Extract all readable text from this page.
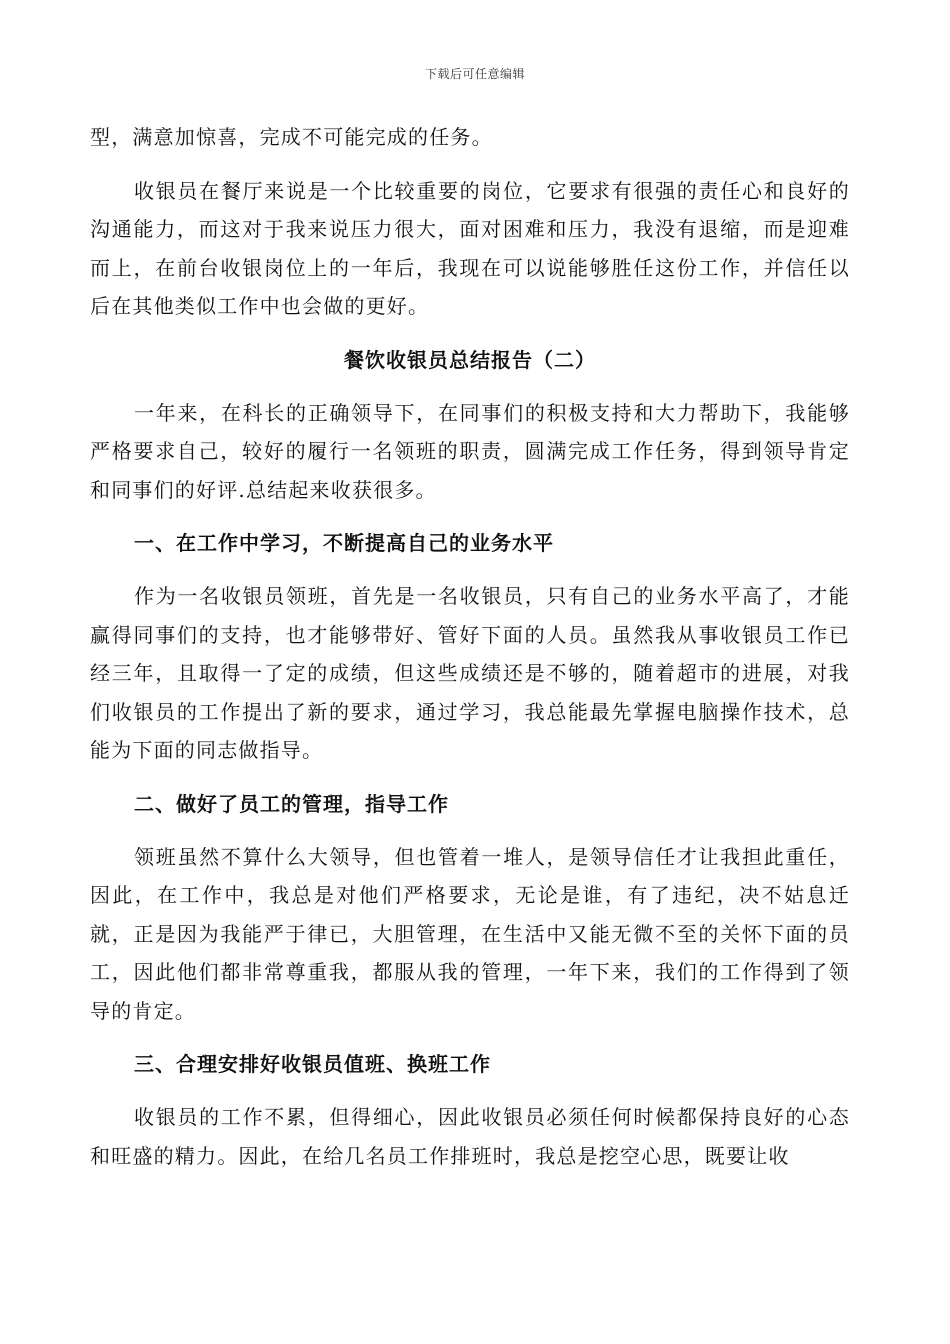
下载后可任意编辑

型，满意加惊喜，完成不可能完成的任务。

收银员在餐厅来说是一个比较重要的岗位，它要求有很强的责任心和良好的沟通能力，而这对于我来说压力很大，面对困难和压力，我没有退缩，而是迎难而上，在前台收银岗位上的一年后，我现在可以说能够胜任这份工作，并信任以后在其他类似工作中也会做的更好。

餐饮收银员总结报告（二）

一年来，在科长的正确领导下，在同事们的积极支持和大力帮助下，我能够严格要求自己，较好的履行一名领班的职责，圆满完成工作任务，得到领导肯定和同事们的好评.总结起来收获很多。

一、在工作中学习，不断提高自己的业务水平

作为一名收银员领班，首先是一名收银员，只有自己的业务水平高了，才能赢得同事们的支持，也才能够带好、管好下面的人员。虽然我从事收银员工作已经三年，且取得一了定的成绩，但这些成绩还是不够的，随着超市的进展，对我们收银员的工作提出了新的要求，通过学习，我总能最先掌握电脑操作技术，总能为下面的同志做指导。

二、做好了员工的管理，指导工作

领班虽然不算什么大领导，但也管着一堆人，是领导信任才让我担此重任，因此，在工作中，我总是对他们严格要求，无论是谁，有了违纪，决不姑息迁就，正是因为我能严于律已，大胆管理，在生活中又能无微不至的关怀下面的员工，因此他们都非常尊重我，都服从我的管理，一年下来，我们的工作得到了领导的肯定。

三、合理安排好收银员值班、换班工作

收银员的工作不累，但得细心，因此收银员必须任何时候都保持良好的心态和旺盛的精力。因此，在给几名员工作排班时，我总是挖空心思，既要让收
